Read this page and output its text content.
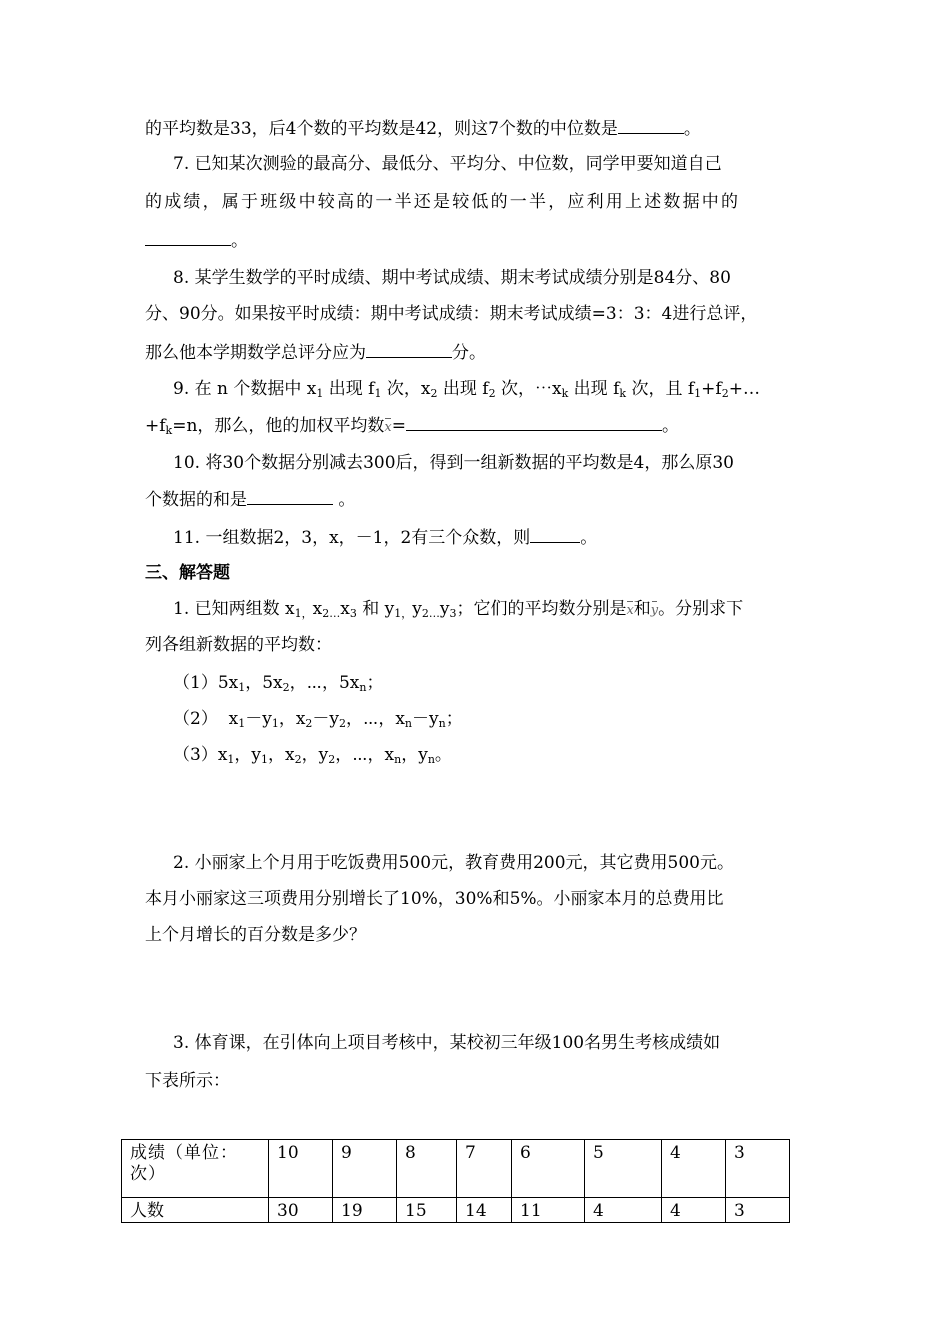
的平均数是33，后4个数的平均数是42，则这7个数的中位数是	。
7. 已知某次测验的最高分、最低分、平均分、中位数，同学甲要知道自己
的成绩，属于班级中较高的一半还是较低的一半，应利用上述数据中的
。
8. 某学生数学的平时成绩、期中考试成绩、期末考试成绩分别是84分、80
分、90分。如果按平时成绩：期中考试成绩：期末考试成绩=3：3：4进行总评，
那么他本学期数学总评分应为	分。
9. 在 n 个数据中 $x_1$ 出现 $f_1$ 次，$x_2$ 出现 $f_2$ 次，$\cdots x_k$ 出现 $f_k$ 次，且 $f_1+f_2+\dots$
$+f_k=n$，那么，他的加权平均数x=	。
10. 将30个数据分别减去300后，得到一组新数据的平均数是4，那么原30
个数据的和是	。
11. 一组数据2，3，x，－1，2有三个众数，则	。
三、解答题
1. 已知两组数 $x_{1,}x_{2\dots}x_3$ 和 $y_{1,}y_{2\dots}y_3$；它们的平均数分别是x和y。分别求下
列各组新数据的平均数：
$(1)5x_1$，$5x_2$，⋯，$5x_n$；
（2）  $x_1-y_1$，$x_2-y_2$，⋯，$x_n-y_n$；
$(3)x_1$，$y_1$，$x_2$，$y_2$，⋯，$x_n$，$y_n$。
2. 小丽家上个月用于吃饭费用500元，教育费用200元，其它费用500元。
本月小丽家这三项费用分别增长了10%，30%和5%。小丽家本月的总费用比
上个月增长的百分数是多少？
3. 体育课，在引体向上项目考核中，某校初三年级100名男生考核成绩如
下表所示：
成绩（单位：次）	10	9	8	7	6	5	4	3
人数	30	19	15	14	11	4	4	3
